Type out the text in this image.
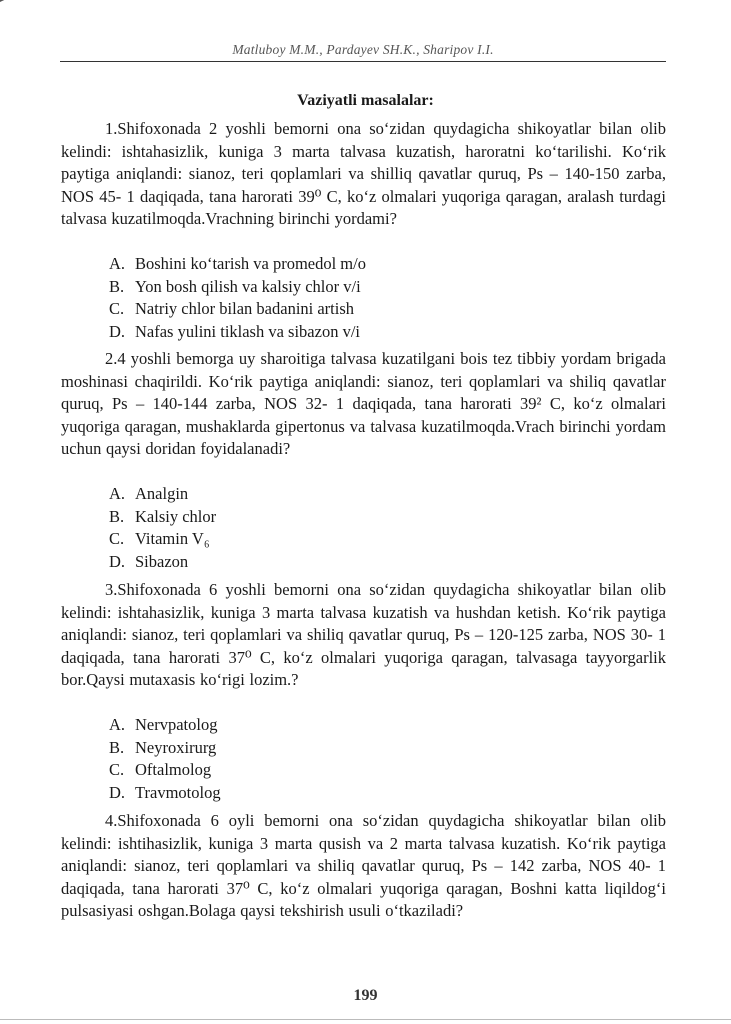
Matluboy M.M., Pardayev SH.K., Sharipov I.I.
Vaziyatli masalalar:
1.Shifoxonada 2 yoshli bemorni ona so‘zidan quydagicha shikoyatlar bilan olib kelindi: ishtahasizlik, kuniga 3 marta talvasa kuzatish, haroratni ko‘tarilishi. Ko‘rik paytiga aniqlandi: sianoz, teri qoplamlari va shilliq qavatlar quruq, Ps – 140-150 zarba, NOS 45- 1 daqiqada, tana harorati 39⁰ C, ko‘z olmalari yuqoriga qaragan, aralash turdagi talvasa kuzatilmoqda.Vrachning birinchi yordami?
A. Boshini ko‘tarish va promedol m/o
B. Yon bosh qilish va kalsiy chlor v/i
C. Natriy chlor bilan badanini artish
D. Nafas yulini tiklash va sibazon v/i
2.4 yoshli bemorga uy sharoitiga talvasa kuzatilgani bois tez tibbiy yordam brigada moshinasi chaqirildi. Ko‘rik paytiga aniqlandi: sianoz, teri qoplamlari va shiliq qavatlar quruq, Ps – 140-144 zarba, NOS 32- 1 daqiqada, tana harorati 39² C, ko‘z olmalari yuqoriga qaragan, mushaklarda gipertonus va talvasa kuzatilmoqda.Vrach birinchi yordam uchun qaysi doridan foyidalanadi?
A. Analgin
B. Kalsiy chlor
C. Vitamin V₆
D. Sibazon
3.Shifoxonada 6 yoshli bemorni ona so‘zidan quydagicha shikoyatlar bilan olib kelindi: ishtahasizlik, kuniga 3 marta talvasa kuzatish va hushdan ketish. Ko‘rik paytiga aniqlandi: sianoz, teri qoplamlari va shiliq qavatlar quruq, Ps – 120-125 zarba, NOS 30- 1 daqiqada, tana harorati 37⁰ C, ko‘z olmalari yuqoriga qaragan, talvasaga tayyorgarlik bor.Qaysi mutaxasis ko‘rigi lozim.?
A. Nervpatolog
B. Neyroxirurg
C. Oftalmolog
D. Travmotolog
4.Shifoxonada 6 oyli bemorni ona so‘zidan quydagicha shikoyatlar bilan olib kelindi: ishtihasizlik, kuniga 3 marta qusish va 2 marta talvasa kuzatish. Ko‘rik paytiga aniqlandi: sianoz, teri qoplamlari va shiliq qavatlar quruq, Ps – 142 zarba, NOS 40- 1 daqiqada, tana harorati 37⁰ C, ko‘z olmalari yuqoriga qaragan, Boshni katta liqildog‘i pulsasiyasi oshgan.Bolaga qaysi tekshirish usuli o‘tkaziladi?
199
